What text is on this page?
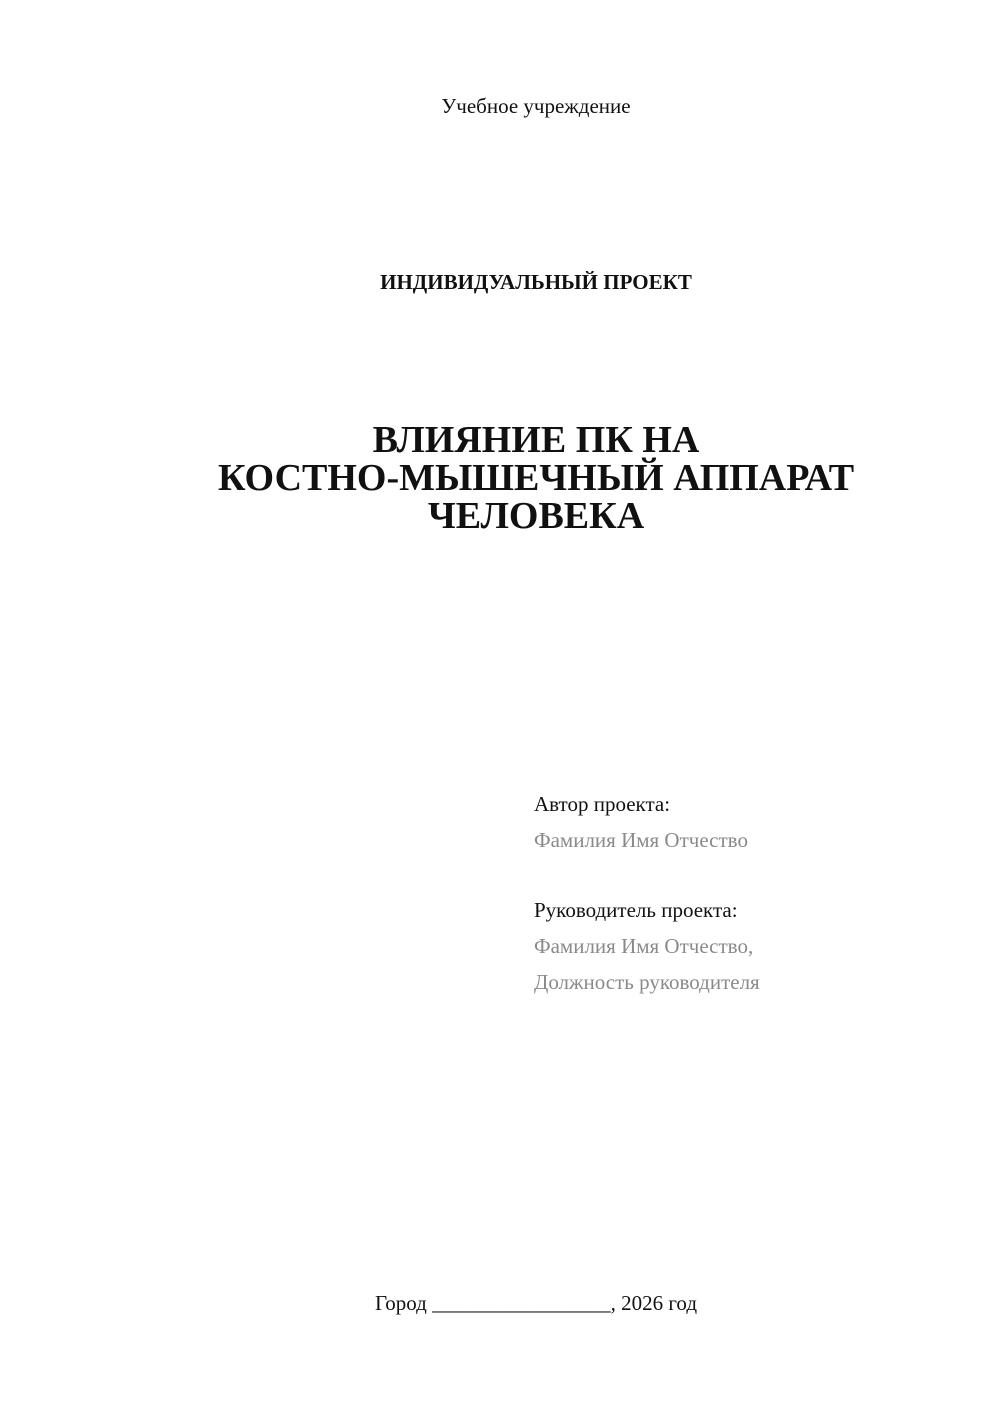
Учебное учреждение
ИНДИВИДУАЛЬНЫЙ ПРОЕКТ
ВЛИЯНИЕ ПК НА
КОСТНО-МЫШЕЧНЫЙ АППАРАТ
ЧЕЛОВЕКА
Автор проекта:
Фамилия Имя Отчество
Руководитель проекта:
Фамилия Имя Отчество,
Должность руководителя
Город _________________, 2026 год
